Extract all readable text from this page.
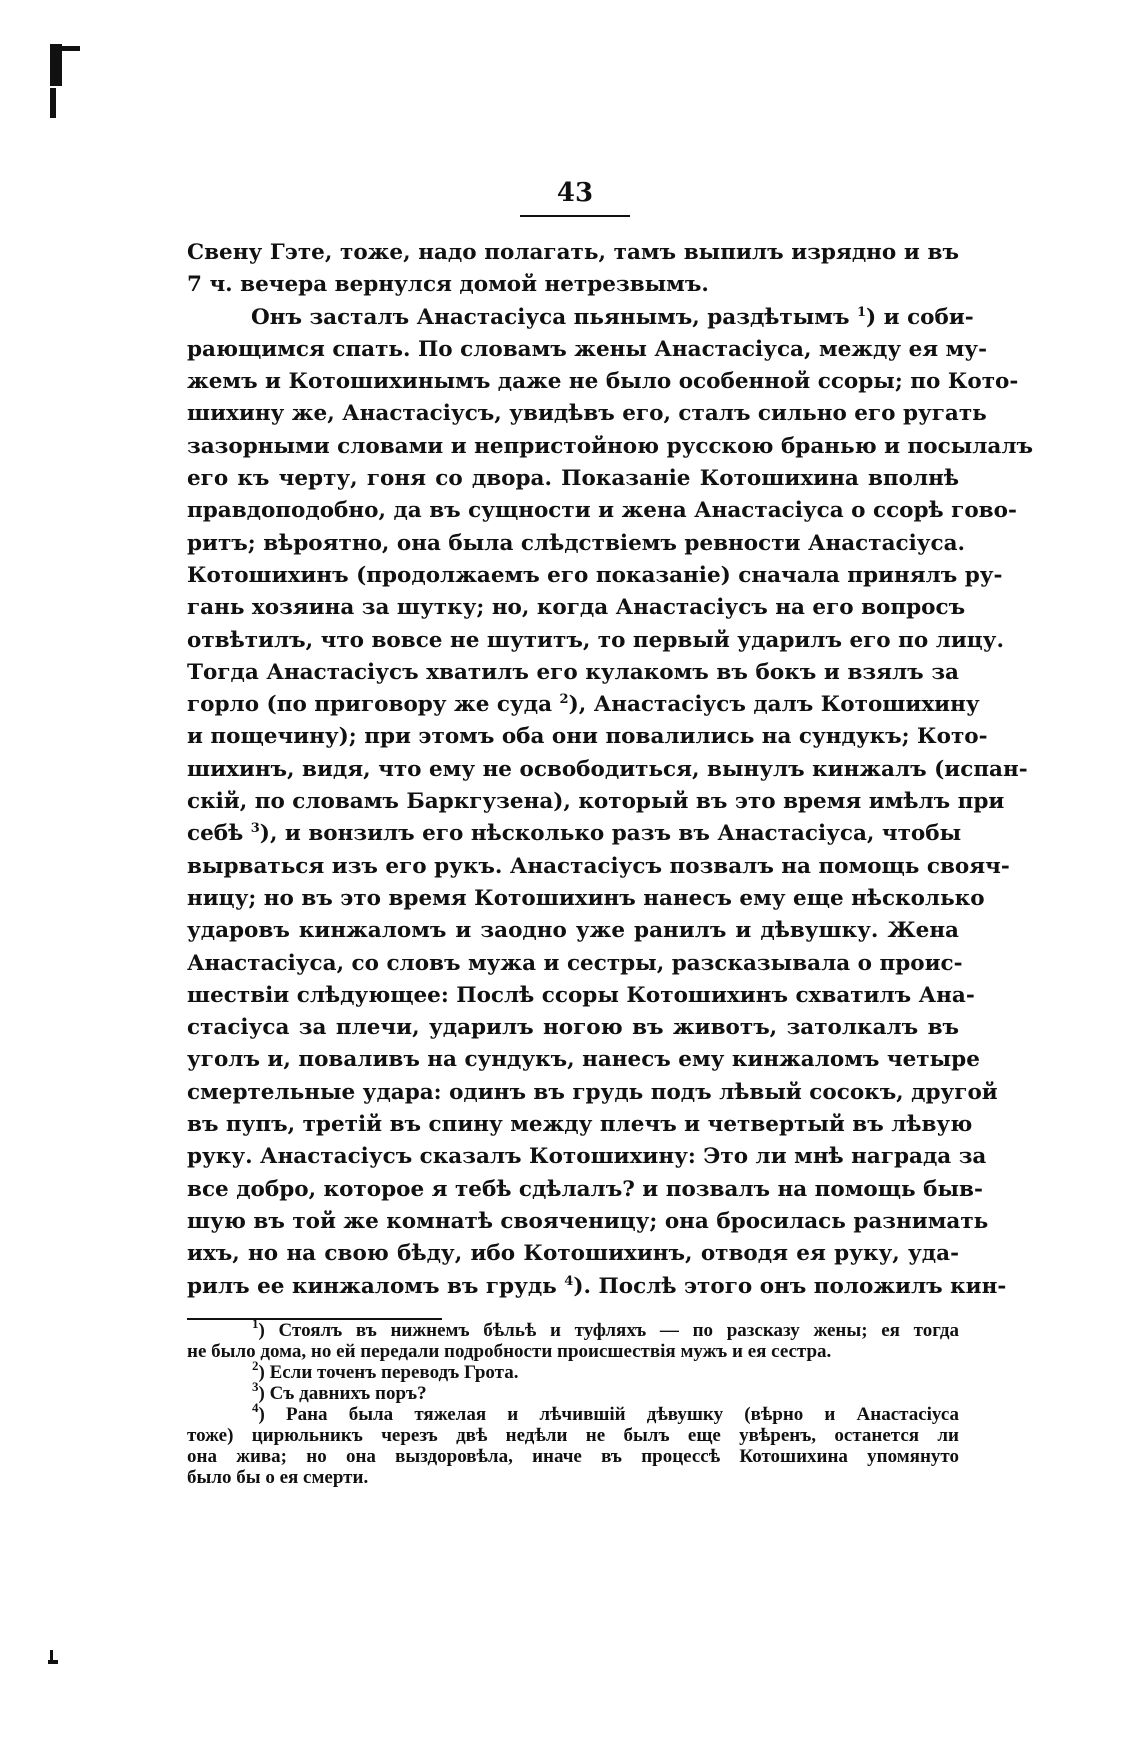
43

Свену Гэте, тоже, надо полагать, тамъ выпилъ изрядно и въ
7 ч. вечера вернулся домой нетрезвымъ.

Онъ засталъ Анастасіуса пьянымъ, раздѣтымъ $^1$) и соби-
рающимся спать. По словамъ жены Анастасіуса, между ея му-
жемъ и Котошихинымъ даже не было особенной ссоры; по Кото-
шихину же, Анастасіусъ, увидѣвъ его, сталъ сильно его ругать
зазорными словами и непристойною русскою бранью и посылалъ
его къ черту, гоня со двора. Показаніе Котошихина вполнѣ
правдоподобно, да въ сущности и жена Анастасіуса о ссорѣ гово-
ритъ; вѣроятно, она была слѣдствіемъ ревности Анастасіуса.
Котошихинъ (продолжаемъ его показаніе) сначала принялъ ру-
гань хозяина за шутку; но, когда Анастасіусъ на его вопросъ
отвѣтилъ, что вовсе не шутитъ, то первый ударилъ его по лицу.
Тогда Анастасіусъ хватилъ его кулакомъ въ бокъ и взялъ за
горло (по приговору же суда $^2$), Анастасіусъ далъ Котошихину
и пощечину); при этомъ оба они повалились на сундукъ; Кото-
шихинъ, видя, что ему не освободиться, вынулъ кинжалъ (испан-
скій, по словамъ Баркгузена), который въ это время имѣлъ при
себѣ $^3$), и вонзилъ его нѣсколько разъ въ Анастасіуса, чтобы
вырваться изъ его рукъ. Анастасіусъ позвалъ на помощь свояч-
ницу; но въ это время Котошихинъ нанесъ ему еще нѣсколько
ударовъ кинжаломъ и заодно уже ранилъ и дѣвушку. Жена
Анастасіуса, со словъ мужа и сестры, разсказывала о проис-
шествіи слѣдующее: Послѣ ссоры Котошихинъ схватилъ Ана-
стасіуса за плечи, ударилъ ногою въ животъ, затолкалъ въ
уголъ и, повaливъ на сундукъ, нанесъ ему кинжаломъ четыре
смертельные удара: одинъ въ грудь подъ лѣвый сосокъ, другой
въ пупъ, третій въ спину между плечъ и четвертый въ лѣвую
руку. Анастасіусъ сказалъ Котошихину: Это ли мнѣ награда за
все добро, которое я тебѣ сдѣлалъ? и позвалъ на помощь быв-
шую въ той же комнатѣ свояченицу; она бросилась разнимать
ихъ, но на свою бѣду, ибо Котошихинъ, отводя ея руку, уда-
рилъ ее кинжаломъ въ грудь $^4$). Послѣ этого онъ положилъ кин-

$^1$) Стоялъ въ нижнемъ бѣльѣ и туфляхъ — по разсказу жены; ея тогда
не было дома, но ей передали подробности происшествія мужъ и ея сестра.
$^2$) Если точенъ переводъ Грота.
$^3$) Съ давнихъ поръ?
$^4$) Рана была тяжелая и лѣчившій дѣвушку (вѣрно и Анастасіуса
тоже) цирюльникъ черезъ двѣ недѣли не былъ еще увѣренъ, останется ли
она жива; но она выздоровѣла, иначе въ процессѣ Котошихина упомянуто
было бы о ея смерти.
